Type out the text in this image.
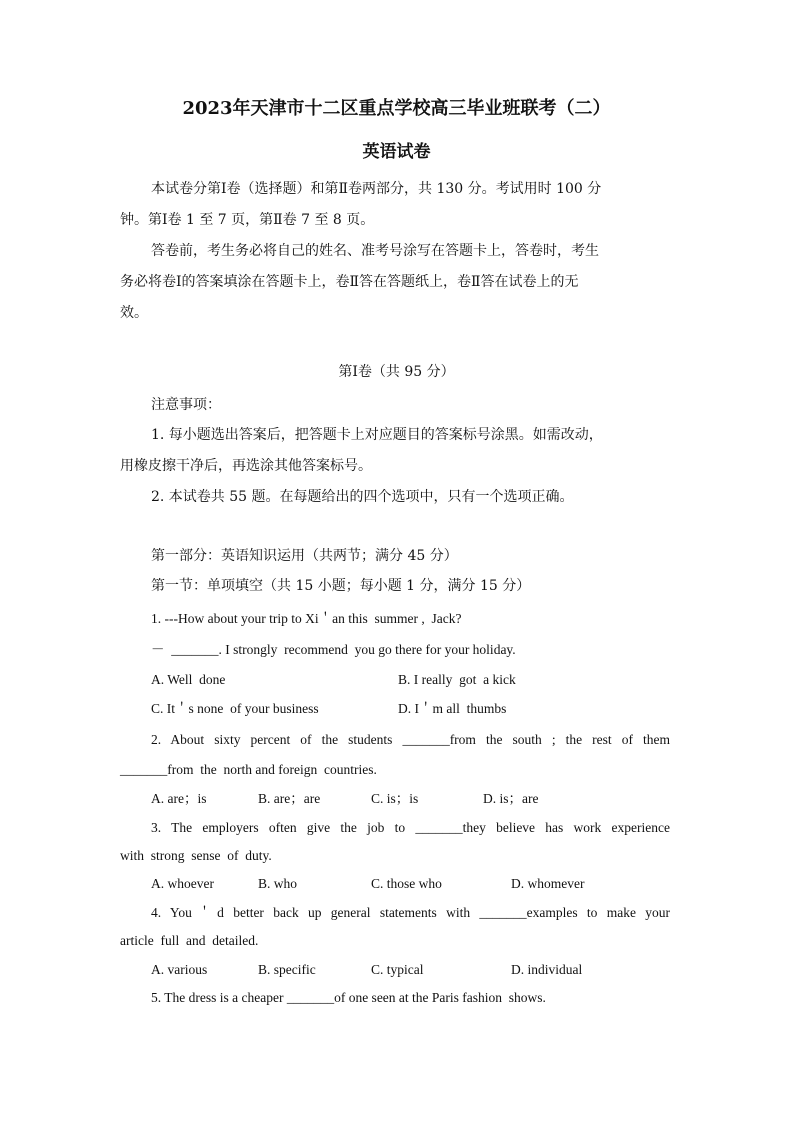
2023年天津市十二区重点学校高三毕业班联考（二）
英语试卷
本试卷分第Ⅰ卷（选择题）和第Ⅱ卷两部分，共 130 分。考试用时 100 分
钟。第Ⅰ卷 1 至 7 页，第Ⅱ卷 7 至 8 页。
答卷前，考生务必将自己的姓名、准考号涂写在答题卡上，答卷时，考生
务必将卷Ⅰ的答案填涂在答题卡上，卷Ⅱ答在答题纸上，卷Ⅱ答在试卷上的无
效。
第Ⅰ卷（共 95 分）
注意事项：
1. 每小题选出答案后，把答题卡上对应题目的答案标号涂黑。如需改动，
用橡皮擦干净后，再选涂其他答案标号。
2. 本试卷共 55 题。在每题给出的四个选项中，只有一个选项正确。
第一部分：英语知识运用（共两节；满分 45 分）
第一节：单项填空（共 15 小题；每小题 1 分，满分 15 分）
1. ---How about your trip to Xi＇an this  summer ,  Jack?
－  _______. I strongly  recommend  you go there for your holiday.
A. Well  done	B. I really  got  a kick
C. It＇s none  of your business	D. I＇m all  thumbs
2. About sixty percent of the students _______from the south ; the rest of them
_______from  the  north and foreign  countries.
A. are；is	B. are；are	C. is；is	D. is；are
3. The employers often give the job to _______they believe has work experience
with  strong  sense  of  duty.
A. whoever	B. who	C. those who	D. whomever
4. You＇d better back up general statements with _______examples to make your
article  full  and  detailed.
A. various	B. specific	C. typical	D. individual
5. The dress is a cheaper _______of one seen at the Paris fashion  shows.
